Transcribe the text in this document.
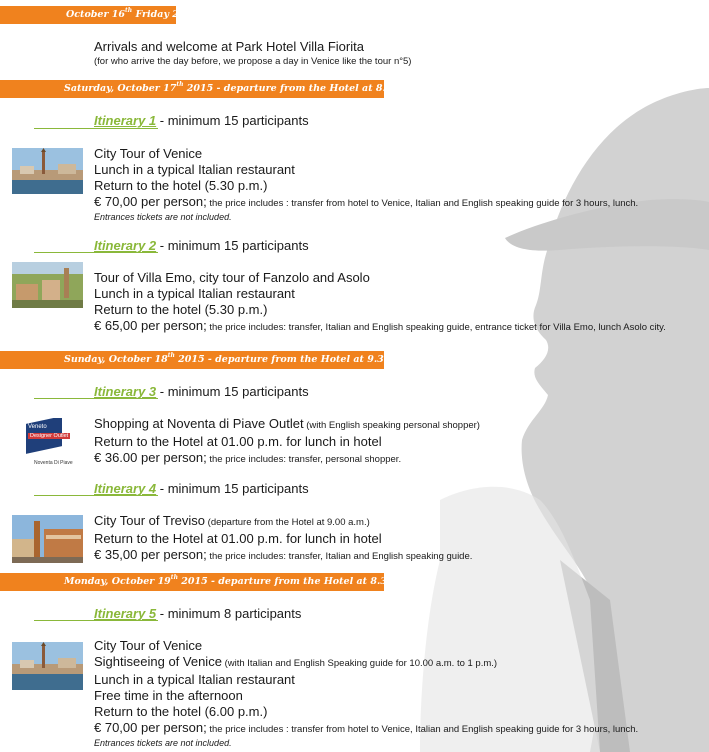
October 16th Friday 2015
Arrivals and welcome at Park Hotel Villa Fiorita
(for who arrive the day before, we propose a day in Venice like the tour n°5)
Saturday, October 17th 2015 - departure from the Hotel at 8.30 a.m.
Itinerary 1 - minimum 15 participants
City Tour of Venice
Lunch in a typical Italian restaurant
Return to the hotel (5.30 p.m.)
€ 70,00 per person; the price includes : transfer from hotel to Venice, Italian and English speaking guide for 3 hours, lunch.
Entrances tickets are not included.
Itinerary 2 - minimum 15 participants
Tour of Villa Emo, city tour of Fanzolo and Asolo
Lunch in a typical Italian restaurant
Return to the hotel (5.30 p.m.)
€ 65,00 per person; the price includes: transfer, Italian and English speaking guide, entrance ticket for Villa Emo, lunch Asolo city.
Sunday, October 18th 2015 - departure from the Hotel at 9.30 a.m.
Itinerary 3 - minimum 15 participants
Veneto
Designer Outlet
Noventa Di Piave
Shopping at Noventa di Piave Outlet (with English speaking personal shopper)
Return to the Hotel at 01.00 p.m. for lunch in hotel
€ 36.00 per person; the price includes: transfer, personal shopper.
Itinerary 4 - minimum 15 participants
City Tour of Treviso (departure from the Hotel at 9.00 a.m.)
Return to the Hotel at 01.00 p.m. for lunch in hotel
€ 35,00 per person; the price includes: transfer, Italian and English speaking guide.
Monday, October 19th 2015 - departure from the Hotel at 8.30 a.m.
Itinerary 5 - minimum 8 participants
City Tour of Venice
Sightiseeing of Venice (with Italian and English Speaking guide for 10.00 a.m. to 1 p.m.)
Lunch in a typical Italian restaurant
Free time in the afternoon
Return to the hotel (6.00 p.m.)
€ 70,00 per person; the price includes : transfer from hotel to Venice, Italian and English speaking guide for 3 hours, lunch.
Entrances tickets are not included.
